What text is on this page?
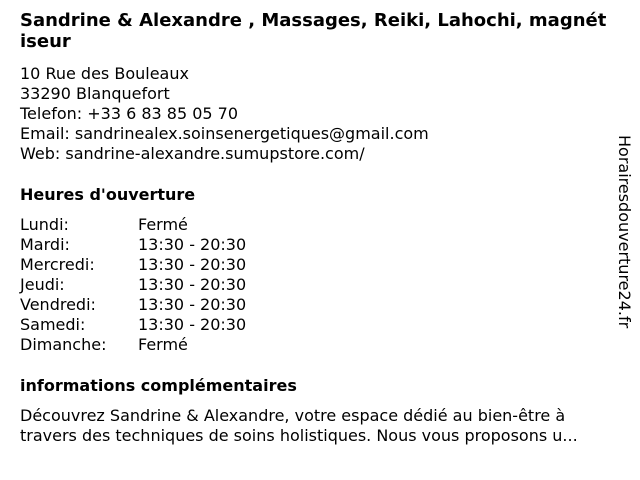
Sandrine & Alexandre , Massages, Reiki, Lahochi, magnétiseur
10 Rue des Bouleaux
33290 Blanquefort
Telefon: +33 6 83 85 05 70
Email: sandrinealex.soinsenergetiques@gmail.com
Web: sandrine-alexandre.sumupstore.com/
Heures d'ouverture
Lundi:	Fermé
Mardi:	13:30 - 20:30
Mercredi:	13:30 - 20:30
Jeudi:	13:30 - 20:30
Vendredi:	13:30 - 20:30
Samedi:	13:30 - 20:30
Dimanche:	Fermé
informations complémentaires
Découvrez Sandrine & Alexandre, votre espace dédié au bien-être à
travers des techniques de soins holistiques. Nous vous proposons u...
Horairesdouverture24.fr
